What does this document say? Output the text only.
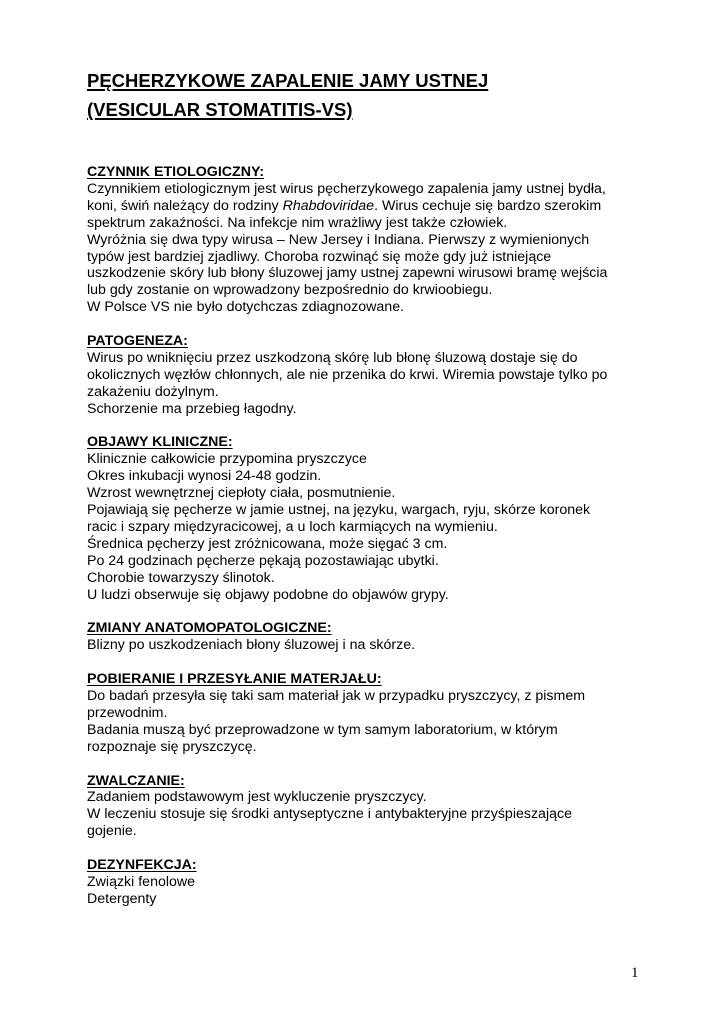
PĘCHERZYKOWE ZAPALENIE JAMY USTNEJ
(VESICULAR STOMATITIS-VS)
CZYNNIK ETIOLOGICZNY:
Czynnikiem etiologicznym jest wirus pęcherzykowego zapalenia jamy ustnej bydła,
koni, świń należący do rodziny Rhabdoviridae. Wirus cechuje się bardzo szerokim
spektrum zakaźności. Na infekcje nim wrażliwy jest także człowiek.
Wyróżnia się dwa typy wirusa – New Jersey i Indiana. Pierwszy z wymienionych
typów jest bardziej zjadliwy. Choroba rozwinąć się może gdy już istniejące
uszkodzenie skóry lub błony śluzowej jamy ustnej zapewni wirusowi bramę wejścia
lub gdy zostanie on wprowadzony bezpośrednio do krwioobiegu.
W Polsce VS nie było dotychczas zdiagnozowane.
PATOGENEZA:
Wirus po wniknięciu przez uszkodzoną skórę lub błonę śluzową dostaje się do
okolicznych węzłów chłonnych, ale nie przenika do krwi. Wiremia powstaje tylko po
zakażeniu dożylnym.
Schorzenie ma przebieg łagodny.
OBJAWY KLINICZNE:
Klinicznie całkowicie przypomina pryszczyce
Okres inkubacji wynosi 24-48 godzin.
Wzrost wewnętrznej ciepłoty ciała, posmutnienie.
Pojawiają się pęcherze w jamie ustnej, na języku, wargach, ryju, skórze koronek
racic i szpary międzyracicowej, a u loch karmiących na wymieniu.
Średnica pęcherzy jest zróżnicowana, może sięgać 3 cm.
Po 24 godzinach pęcherze pękają pozostawiając ubytki.
Chorobie towarzyszy ślinotok.
U ludzi obserwuje się objawy podobne do objawów grypy.
ZMIANY ANATOMOPATOLOGICZNE:
Blizny po uszkodzeniach błony śluzowej i na skórze.
POBIERANIE I PRZESYŁANIE MATERJAŁU:
Do badań przesyła się taki sam materiał jak w przypadku pryszczycy, z pismem
przewodnim.
Badania muszą być przeprowadzone w tym samym laboratorium, w którym
rozpoznaje się pryszczycę.
ZWALCZANIE:
Zadaniem podstawowym jest wykluczenie pryszczycy.
W leczeniu stosuje się środki antyseptyczne i antybakteryjne przyśpieszające
gojenie.
DEZYNFEKCJA:
Związki fenolowe
Detergenty
1
